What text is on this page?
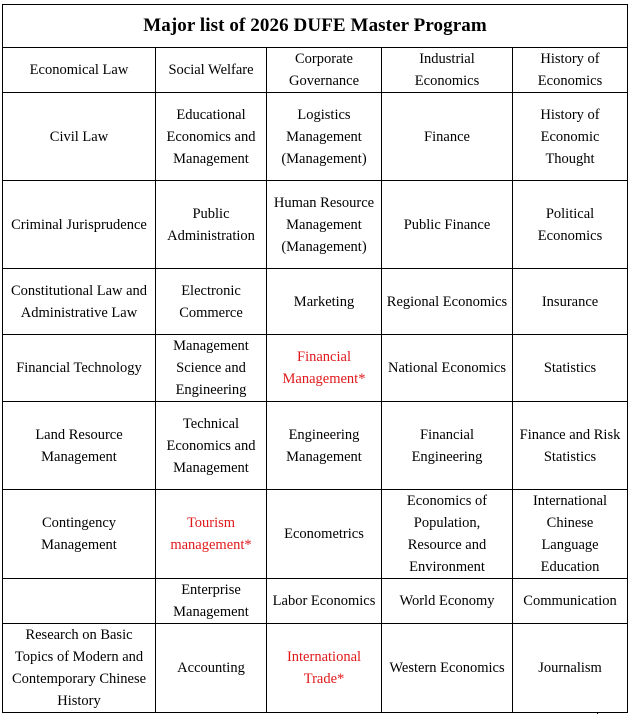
Major list of 2026 DUFE Master Program				
Economical Law	Social Welfare	Corporate Governance	Industrial Economics	History of Economics
Civil Law	Educational Economics and Management	Logistics Management (Management)	Finance	History of Economic Thought
Criminal Jurisprudence	Public Administration	Human Resource Management (Management)	Public Finance	Political Economics
Constitutional Law and Administrative Law	Electronic Commerce	Marketing	Regional Economics	Insurance
Financial Technology	Management Science and Engineering	Financial Management*	National Economics	Statistics
Land Resource Management	Technical Economics and Management	Engineering Management	Financial Engineering	Finance and Risk Statistics
Contingency Management	Tourism management*	Econometrics	Economics of Population, Resource and Environment	International Chinese Language Education
	Enterprise Management	Labor Economics	World Economy	Communication
Research on Basic Topics of Modern and Contemporary Chinese History	Accounting	International Trade*	Western Economics	Journalism
